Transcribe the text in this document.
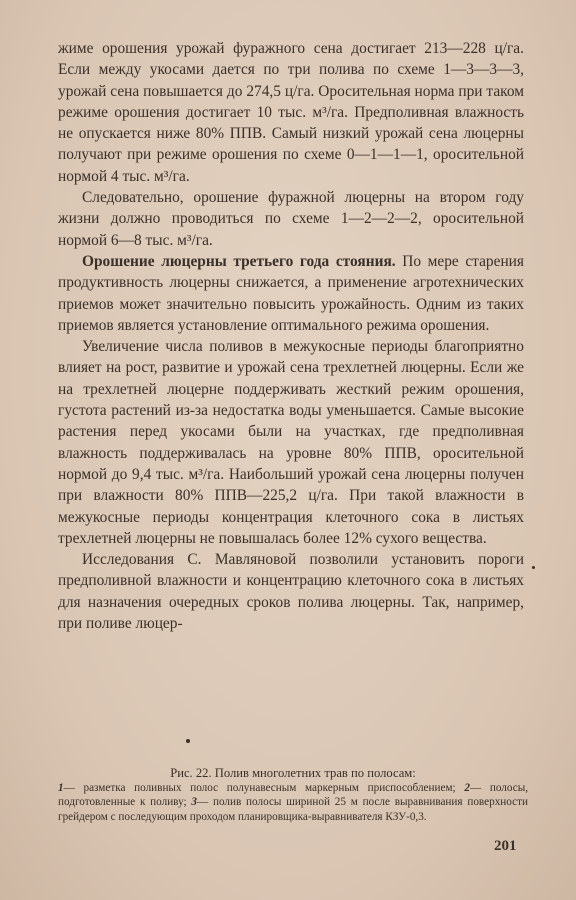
жиме орошения урожай фуражного сена достигает 213—228 ц/га. Если между укосами дается по три полива по схеме 1—3—3—3, урожай сена повышается до 274,5 ц/га. Оросительная норма при таком режиме орошения достигает 10 тыс. м³/га. Предполивная влажность не опускается ниже 80% ППВ. Самый низкий урожай сена люцерны получают при режиме орошения по схеме 0—1—1—1, оросительной нормой 4 тыс. м³/га.

Следовательно, орошение фуражной люцерны на втором году жизни должно проводиться по схеме 1—2—2—2, оросительной нормой 6—8 тыс. м³/га.

Орошение люцерны третьего года стояния. По мере старения продуктивность люцерны снижается, а применение агротехнических приемов может значительно повысить урожайность. Одним из таких приемов является установление оптимального режима орошения.

Увеличение числа поливов в межукосные периоды благоприятно влияет на рост, развитие и урожай сена трехлетней люцерны. Если же на трехлетней люцерне поддерживать жесткий режим орошения, густота растений из-за недостатка воды уменьшается. Самые высокие растения перед укосами были на участках, где предполивная влажность поддерживалась на уровне 80% ППВ, оросительной нормой до 9,4 тыс. м³/га. Наибольший урожай сена люцерны получен при влажности 80% ППВ—225,2 ц/га. При такой влажности в межукосные периоды концентрация клеточного сока в листьях трехлетней люцерны не повышалась более 12% сухого вещества.

Исследования С. Мавляновой позволили установить пороги предполивной влажности и концентрацию клеточного сока в листьях для назначения очередных сроков полива люцерны. Так, например, при поливе люцер-

Рис. 22. Полив многолетних трав по полосам:
1— разметка поливных полос полунавесным маркерным приспособлением; 2— полосы, подготовленные к поливу; 3— полив полосы шириной 25 м после выравнивания поверхности грейдером с последующим проходом планировщика-выравнивателя КЗУ-0,3.
201
